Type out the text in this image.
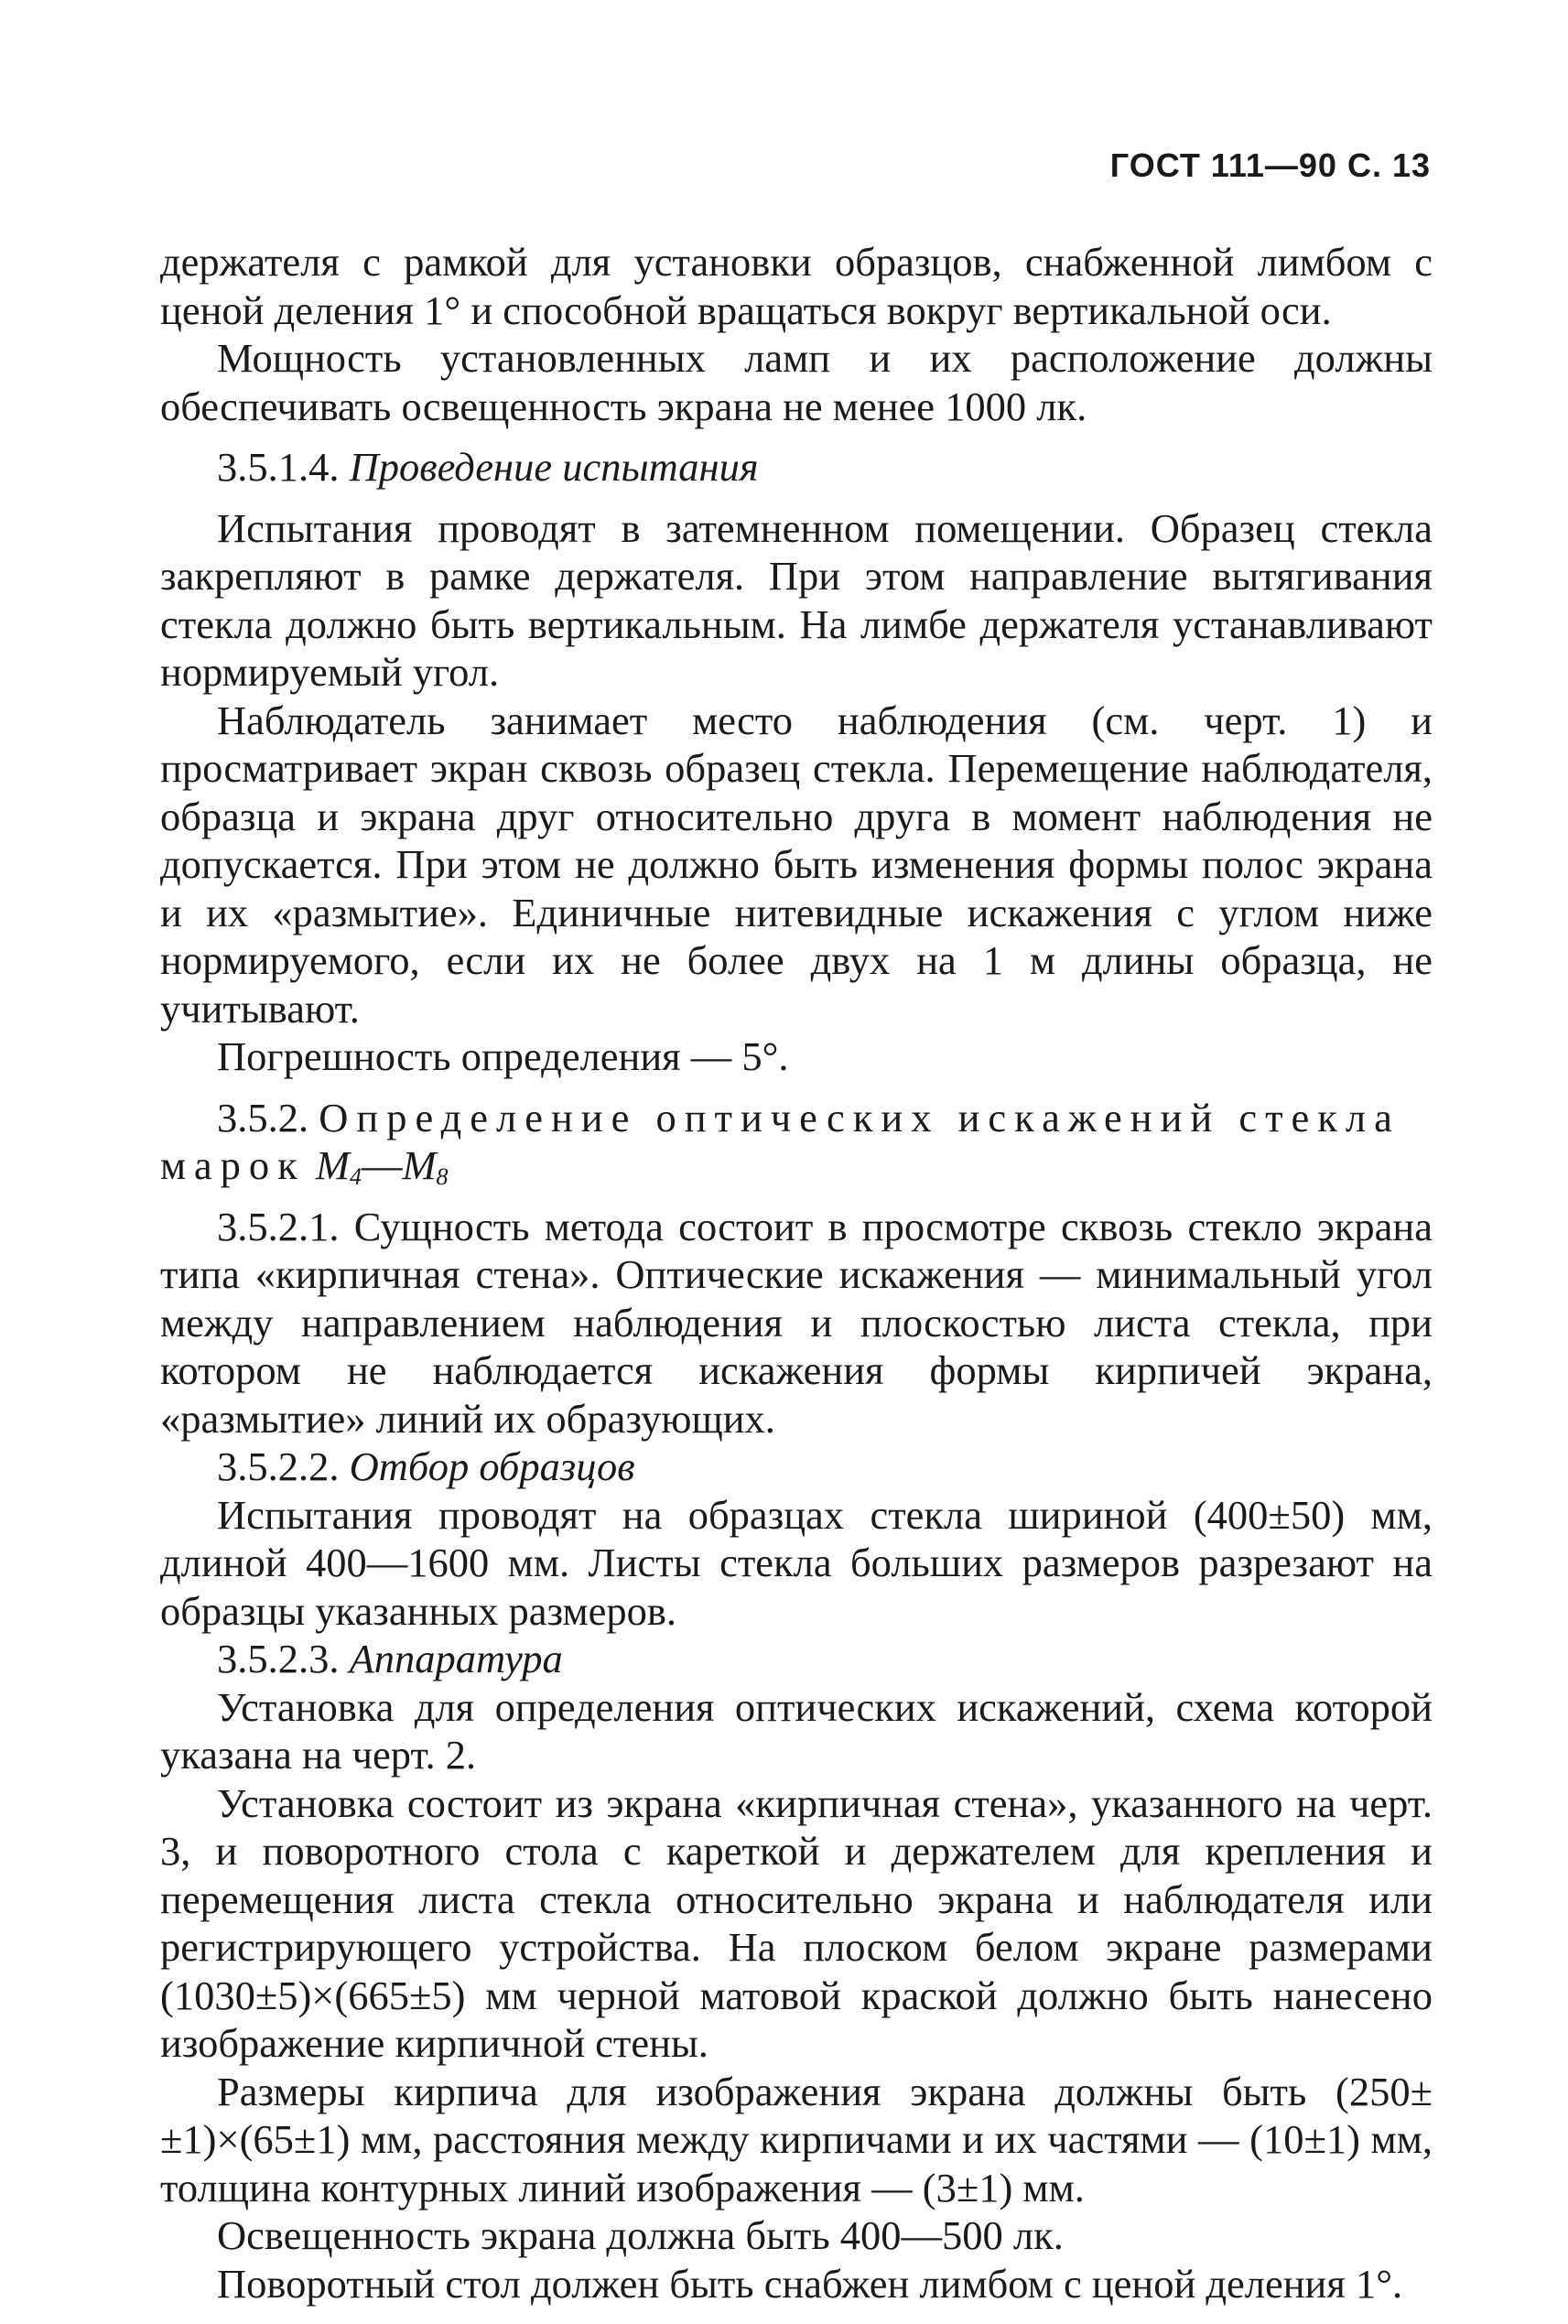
ГОСТ 111—90 С. 13

держателя с рамкой для установки образцов, снабженной лимбом с ценой деления 1° и способной вращаться вокруг вертикальной оси.

Мощность установленных ламп и их расположение должны обеспечивать освещенность экрана не менее 1000 лк.

3.5.1.4. Проведение испытания

Испытания проводят в затемненном помещении. Образец стекла закрепляют в рамке держателя. При этом направление вытягивания стекла должно быть вертикальным. На лимбе держателя устанавливают нормируемый угол.

Наблюдатель занимает место наблюдения (см. черт. 1) и просматривает экран сквозь образец стекла. Перемещение наблюдателя, образца и экрана друг относительно друга в момент наблюдения не допускается. При этом не должно быть изменения формы полос экрана и их «размытие». Единичные нитевидные искажения с углом ниже нормируемого, если их не более двух на 1 м длины образца, не учитывают.

Погрешность определения — 5°.

3.5.2. Определение оптических искажений стекла марок $M_4—M_8$

3.5.2.1. Сущность метода состоит в просмотре сквозь стекло экрана типа «кирпичная стена». Оптические искажения — минимальный угол между направлением наблюдения и плоскостью листа стекла, при котором не наблюдается искажения формы кирпичей экрана, «размытие» линий их образующих.

3.5.2.2. Отбор образцов

Испытания проводят на образцах стекла шириной (400±50) мм, длиной 400—1600 мм. Листы стекла больших размеров разрезают на образцы указанных размеров.

3.5.2.3. Аппаратура

Установка для определения оптических искажений, схема которой указана на черт. 2.

Установка состоит из экрана «кирпичная стена», указанного на черт. 3, и поворотного стола с кареткой и держателем для крепления и перемещения листа стекла относительно экрана и наблюдателя или регистрирующего устройства. На плоском белом экране размерами (1030±5)×(665±5) мм черной матовой краской должно быть нанесено изображение кирпичной стены.

Размеры кирпича для изображения экрана должны быть (250±±1)×(65±1) мм, расстояния между кирпичами и их частями — (10±1) мм, толщина контурных линий изображения — (3±1) мм.

Освещенность экрана должна быть 400—500 лк.

Поворотный стол должен быть снабжен лимбом с ценой деления 1°.
